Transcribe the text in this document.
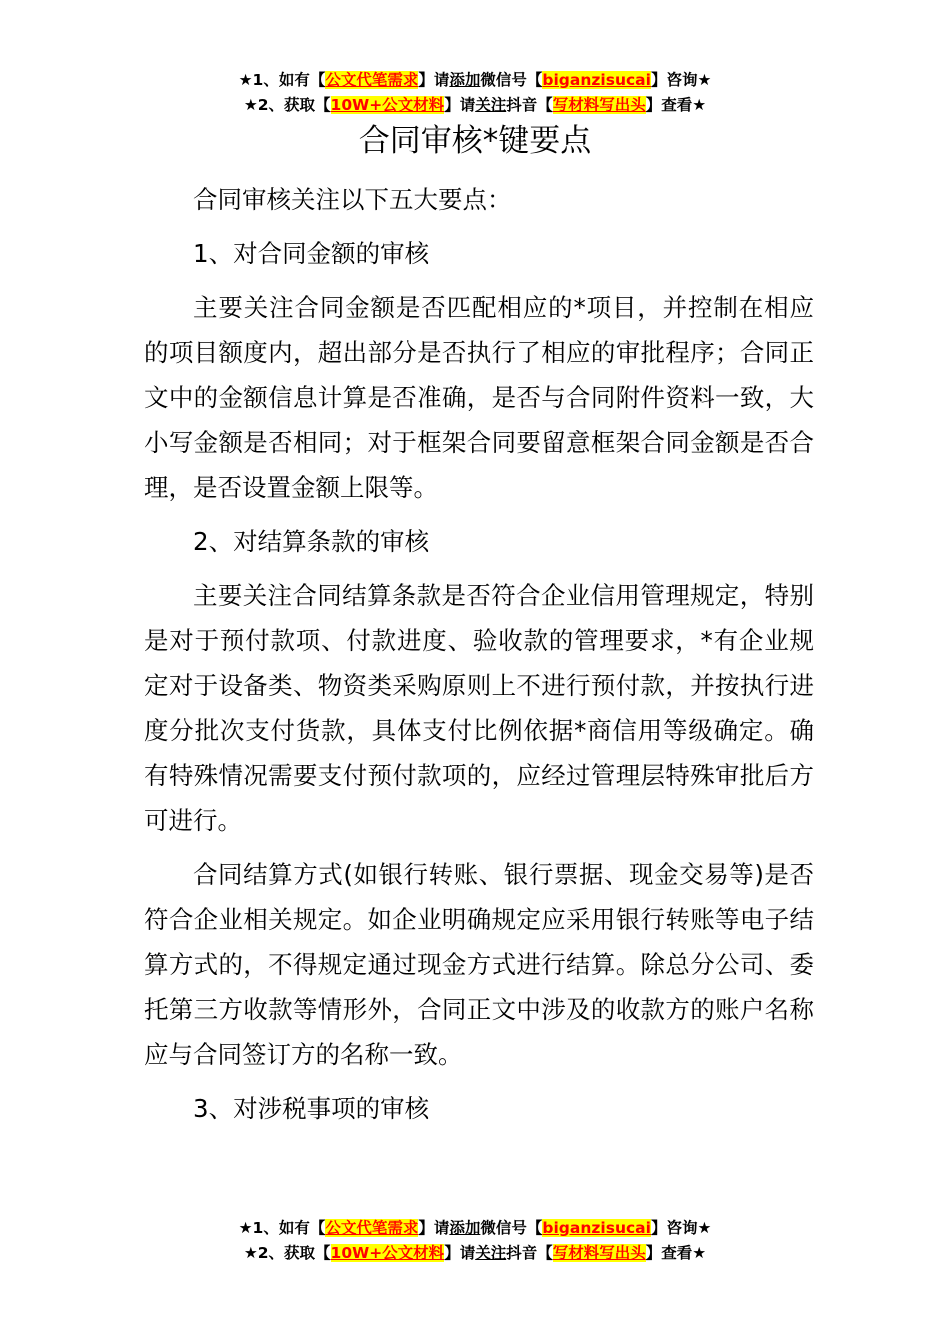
★1、如有【公文代笔需求】请添加微信号【biganzisucai】咨询★
★2、获取【10W+公文材料】请关注抖音【写材料写出头】查看★
合同审核*键要点

合同审核关注以下五大要点：

1、对合同金额的审核

主要关注合同金额是否匹配相应的*项目，并控制在相应的项目额度内，超出部分是否执行了相应的审批程序；合同正文中的金额信息计算是否准确，是否与合同附件资料一致，大小写金额是否相同；对于框架合同要留意框架合同金额是否合理，是否设置金额上限等。

2、对结算条款的审核

主要关注合同结算条款是否符合企业信用管理规定，特别是对于预付款项、付款进度、验收款的管理要求，*有企业规定对于设备类、物资类采购原则上不进行预付款，并按执行进度分批次支付货款，具体支付比例依据*商信用等级确定。确有特殊情况需要支付预付款项的，应经过管理层特殊审批后方可进行。

合同结算方式(如银行转账、银行票据、现金交易等)是否符合企业相关规定。如企业明确规定应采用银行转账等电子结算方式的，不得规定通过现金方式进行结算。除总分公司、委托第三方收款等情形外，合同正文中涉及的收款方的账户名称应与合同签订方的名称一致。

3、对涉税事项的审核

★1、如有【公文代笔需求】请添加微信号【biganzisucai】咨询★
★2、获取【10W+公文材料】请关注抖音【写材料写出头】查看★
